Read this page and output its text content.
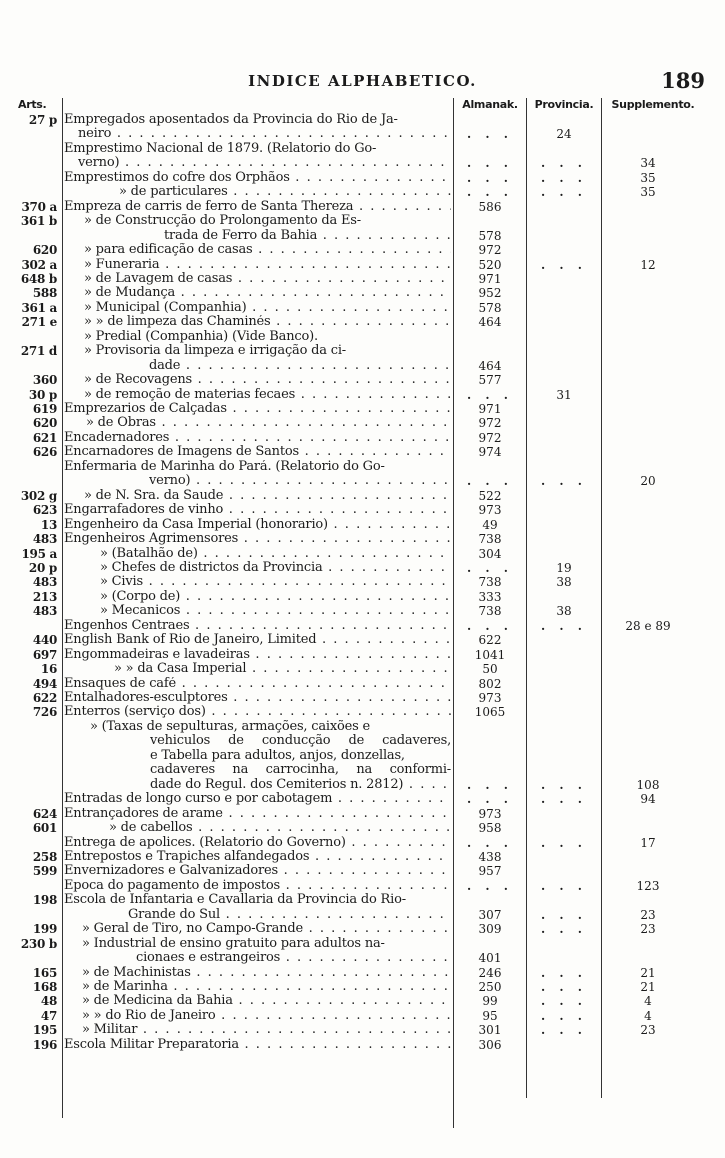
INDICE ALPHABETICO.	189
Arts.	Almanak.	Provincia.	Supplemento.
27 p Empregados aposentados da Provincia do Rio de Ja-
neiro . . .	. . .	24
Emprestimo Nacional de 1879. (Relatorio do Go-
verno) . . .	. . .	. . .	34
Emprestimos do cofre dos Orphãos . . .	. . .	. . .	35
» de particulares . . .	. . .	. . .	35
370 a Empreza de carris de ferro de Santa Thereza . . .	586
361 b » de Construcção do Prolongamento da Es-
trada de Ferro da Bahia . . .	578
620 » para edificação de casas . . .	972
302 a » Funeraria . . .	520	. . .	12
648 b » de Lavagem de casas . . .	971
588 » de Mudança . . .	952
361 a » Municipal (Companhia) . . .	578
271 e » » de limpeza das Chaminés . . .	464
» Predial (Companhia) (Vide Banco).
271 d » Provisoria da limpeza e irrigação da ci-
dade . . .	464
360 » de Recovagens . . .	577
30 p » de remoção de materias fecaes . . .	. . .	31
619 Emprezarios de Calçadas . . .	971
620 » de Obras . . .	972
621 Encadernadores . . .	972
626 Encarnadores de Imagens de Santos . . .	974
Enfermaria de Marinha do Pará. (Relatorio do Go-
verno) . . .	. . .	. . .	20
302 g » de N. Sra. da Saude . . .	522
623 Engarrafadores de vinho . . .	973
13 Engenheiro da Casa Imperial (honorario) . . .	49
483 Engenheiros Agrimensores . . .	738
195 a	» (Batalhão de) . . .	304
20 p	» Chefes de districtos da Provincia . . .	. . .	19
483	» Civis . . .	738	38
213	» (Corpo de) . . .	333
483	» Mecanicos . . .	738	38
Engenhos Centraes . . .	. . .	. . .	28 e 89
440 English Bank of Rio de Janeiro, Limited . . .	622
697 Engommadeiras e lavadeiras . . .	1041
16	» » da Casa Imperial . . .	50
494 Ensaques de café . . .	802
622 Entalhadores-esculptores . . .	973
726 Enterros (serviço dos) . . .	1065
» (Taxas de sepulturas, armações, caixões e
vehiculos de conducção de cadaveres,
e Tabella para adultos, anjos, donzellas,
cadaveres na carrocinha, na conformi-
dade do Regul. dos Cemiterios n. 2812) . . .	. . .	. . .	108
Entradas de longo curso e por cabotagem . . .	. . .	. . .	94
624 Entrançadores de arame . . .	973
601	» de cabellos . . .	958
Entrega de apolices. (Relatorio do Governo) . . .	. . .	. . .	17
258 Entrepostos e Trapiches alfandegados . . .	438
599 Envernizadores e Galvanizadores . . .	957
Epoca do pagamento de impostos . . .	. . .	. . .	123
198 Escola de Infantaria e Cavallaria da Provincia do Rio-
Grande do Sul . . .	307	. . .	23
199 » Geral de Tiro, no Campo-Grande . . .	309	. . .	23
230 b » Industrial de ensino gratuito para adultos na-
cionaes e estrangeiros . . .	401
165 » de Machinistas . . .	246	. . .	21
168 » de Marinha . . .	250	. . .	21
48 » de Medicina da Bahia . . .	99	. . .	4
47 » » do Rio de Janeiro . . .	95	. . .	4
195 » Militar . . .	301	. . .	23
196 Escola Militar Preparatoria . . .	306
